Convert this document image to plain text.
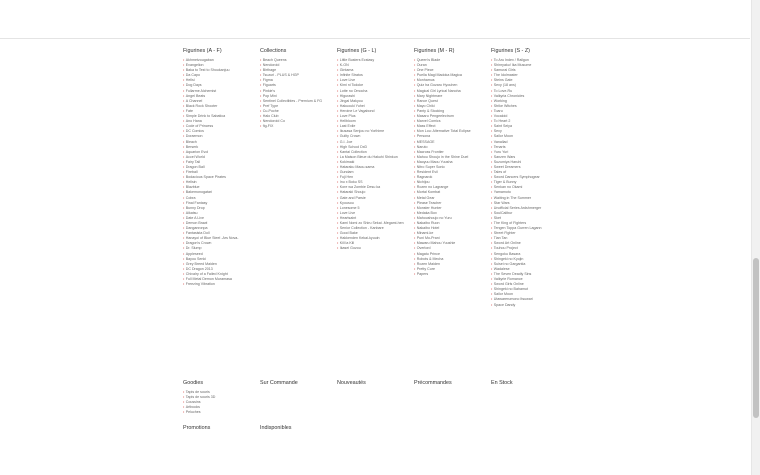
Figurines (A - F)
• Akhmetzougaban
• Evangelion
• Baka to Test to Shoukanjuu
• Da Capo
• Hellsi
• Dog Days
• Fullarme Alchemist
• Angel Beats
• A Channel
• Black Rock Shooter
• Fate
• Simple Drink to Sabatica
• Ano Hana
• Code of Princess
• DC Comics
• Doraemon
• Bleach
• Berserk
• Aquarion Evol
• Accel World
• Fairy Tail
• Dragon Ball
• Fireball
• Bodacious Space Pirates
• Hellsin
• Blazblue
• Bakemonogatari
• Cobra
• Final Fantasy
• Bunny Drop
• Aikatsu
• Date A Live
• Demon Brawl
• Danganronpa
• Fantasista Doll
• Hanayoi of Blue Steel -Ars Nova-
• Dragon's Crown
• Dr. Slump
• Appleseed
• Bayou Senki
• Grey Breed Maiden
• DC Dragon 2013
• Chivalry of a Failed Knight
• Full Metal Demon Muramasa
• Freezing Vibration
Collections
• Beach Queens
• Nendoroid
• Birthage
• Tsuzuri - PLUS & HGP
• Figma
• Figuarts
• Pinkie's
• Pop Mini
• Sentinel Collectibles - Premium & FG
• Pref Type
• Cu-Poche
• Halo Club
• Nendoroid Co
• fig-FIX
Figurines (G - L)
• Little Busters Ecstasy
• K-ON
• Gintama
• Infinite Stratos
• Love Live
• Kimi ni Todoke
• Lotte no Omocha
• Higurashi
• Jingai Makyou
• Hakuouki Yuhei
• Heroine Le Vagabond
• Love Plus
• Hellbloom
• Last Exile
• Ikusasa Senjou no Yorihime
• Guilty Crown
• G.I. Joe
• High School DxD
• Kantai Collection
• La Maison Bleue du Hakuhi Shinkun
• Kokimaki
• Hataraku Maou-sama
• Gundam
• Fuji Hen
• Inu x Boku SS
• Kore wa Zombie Desu ka
• Hataraki Shoujo
• Gate and Parsie
• Kyousou
• Lonesome 5
• Love Live
• Heartsaint
• Kami Nomi zo Shiru Sekai -Megami-hen
• Senior Collection - Kanbare
• Good Bake
• Hakkenden Kekai-kyuuin
• Kill la Kill
• Ikasei Gozou
Figurines (M - R)
• Queen's Blade
• Ouran
• One Piece
• Puella Magi Madoka Magica
• Monhamus
• Quiz ha Gozaru Hyouhen
• Magical Girl Lyrical Nanoha
• Mary Nightmare
• Rance Quest
• Mayo Chiki
• Panty & Stocking
• Masaru Pengeelectrum
• Marvel Comics
• Mass Effect
• Mon Lou: Alternative Total Eclipse
• Persona
• MESSAGE
• Naruto
• Macross Frontier
• Mahou Shoujo in the Shine Duel
• Maoyuu Maou Yuusha
• Nitro Super Sonic
• Resident Evil
• Ragnarok
• Nichijou
• Rozen no Lagrange
• Mortal Kombat
• Metal Gear
• Please Teacher
• Monster Hunter
• Medaka Box
• Mahoushoujo no Yuru
• Nakaibo Ruon
• Nakaibo Hotel
• Minami-ke
• Puni Mo-Prani
• Mawaru Mahou Yuushie
• Overlord
• Magatu Prince
• Robots & Mecha
• Rozen Maiden
• Pretty Cure
• Papers
Figurines (S - Z)
• To Aru Index / Railgun
• Shinryaku! Ika Musume
• Samurai Girls
• The Idolmaster
• Steins Gate
• Sexy (18 ans)
• To Love-Ru
• Valkyria Chronicles
• Working
• Strike Witches
• Toaru
• Vocaloid
• To Heart 2
• Saint Seiya
• Sexy
• Sailor Moon
• Vanallad
• Tenarts
• Yuru Yuri
• Sanzen Wars
• Suzumiya Haruhi
• Sweet Dreamers
• Tales of
• Sword Dancers Symphogear
• Tiger & Bunny
• Senkan no Okami
• Yamamoto
• Waiting in The Summer
• Star Wars
• Unofficial Series Ardshmerger
• SoulCalibur
• Sket
• The King of Fighters
• Tengen Toppa Gurren Lagann
• Street Fighter
• Tian Tan
• Sword Art Online
• Touhou Project
• Sengoku Basara
• Shingeki no Kyojin
• Suisei no Gargantia
• Wadalese
• The Seven Deadly Sins
• Valkyrie Romance
• Sword Girls Online
• Shingeki no Bahamut
• Sailor Moon
• Utawarerumono Itsuwari
• Space Dandy
Goodies	Sur Commande	Nouveautés	Précommandes	En Stock
• Tapis de souris
• Tapis de souris 3D
• Coussins
• Artbooks
• Peluches
Promotions	Indisponibles
